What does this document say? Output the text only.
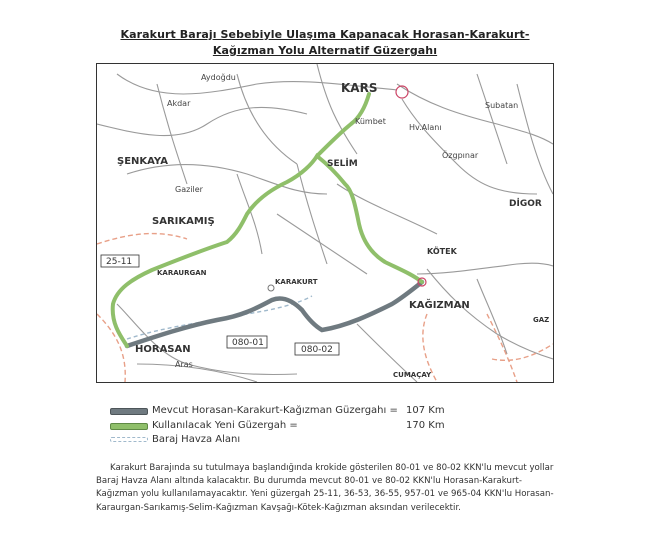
Karakurt Barajı Sebebiyle Ulaşıma Kapanacak Horasan-Karakurt-
Kağızman Yolu Alternatif Güzergahı
KARS
ŞENKAYA
SARIKAMIŞ
SELİM
DİGOR
KÖTEK
KAĞIZMAN
HORASAN
KARAKURT
KARAURGAN
CUMAÇAY
GAZ
Aydoğdu
Akdar
Gaziler
Kümbet
Hv.Alanı
Özgpınar
Subatan
Aras
25-11
080-01
080-02
Mevcut Horasan-Karakurt-Kağızman Güzergahı = 107 Km
Kullanılacak Yeni Güzergah =	170 Km
Baraj Havza Alanı
Karakurt Barajında su tutulmaya başlandığında krokide gösterilen 80-01 ve 80-02 KKN'lu mevcut yollar Baraj Havza Alanı altında kalacaktır. Bu durumda mevcut 80-01 ve 80-02 KKN'lu Horasan-Karakurt-Kağızman yolu kullanılamayacaktır. Yeni güzergah 25-11, 36-53, 36-55, 957-01 ve 965-04 KKN'lu Horasan-Karaurgan-Sarıkamış-Selim-Kağızman Kavşağı-Kötek-Kağızman aksından verilecektir.
